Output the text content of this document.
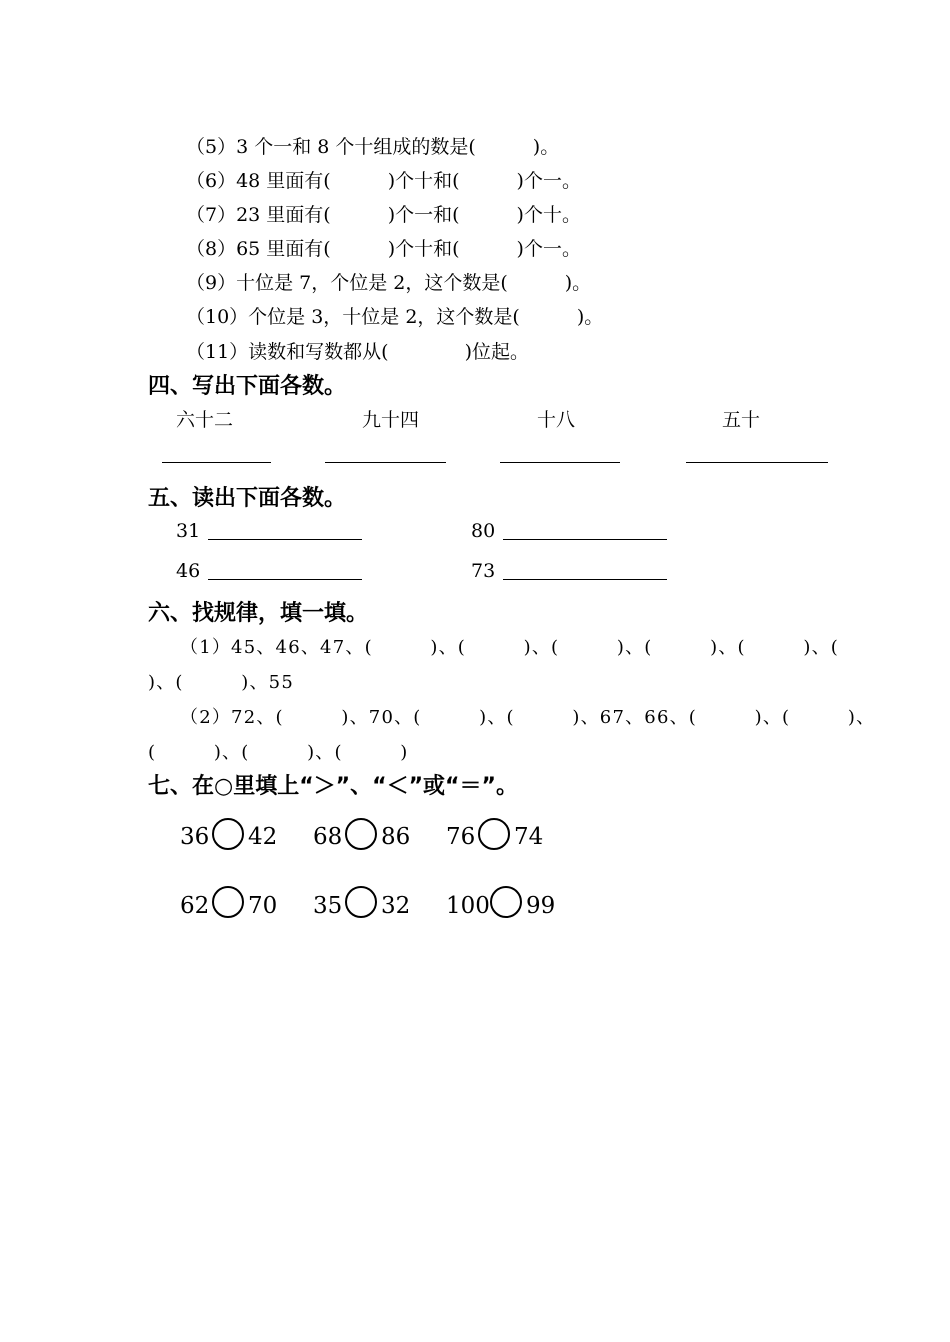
（5）3 个一和 8 个十组成的数是(　　　)。
（6）48 里面有(　　　)个十和(　　　)个一。
（7）23 里面有(　　　)个一和(　　　)个十。
（8）65 里面有(　　　)个十和(　　　)个一。
（9）十位是 7，个位是 2，这个数是(　　　)。
（10）个位是 3，十位是 2，这个数是(　　　)。
（11）读数和写数都从(　　　　)位起。
四、写出下面各数。
六十二	九十四	十八	五十
五、读出下面各数。
31	80
46	73
六、找规律，填一填。
（1）45、46、47、(　　　)、(　　　)、(　　　)、(　　　)、(　　　)、(
)、(　　　)、55
（2）72、(　　　)、70、(　　　)、(　　　)、67、66、(　　　)、(　　　)、
(　　　)、(　　　)、(　　　)
七、在○里填上“＞”、“＜”或“＝”。
36 42 68 86 76 74
62 70 35 32 100 99
